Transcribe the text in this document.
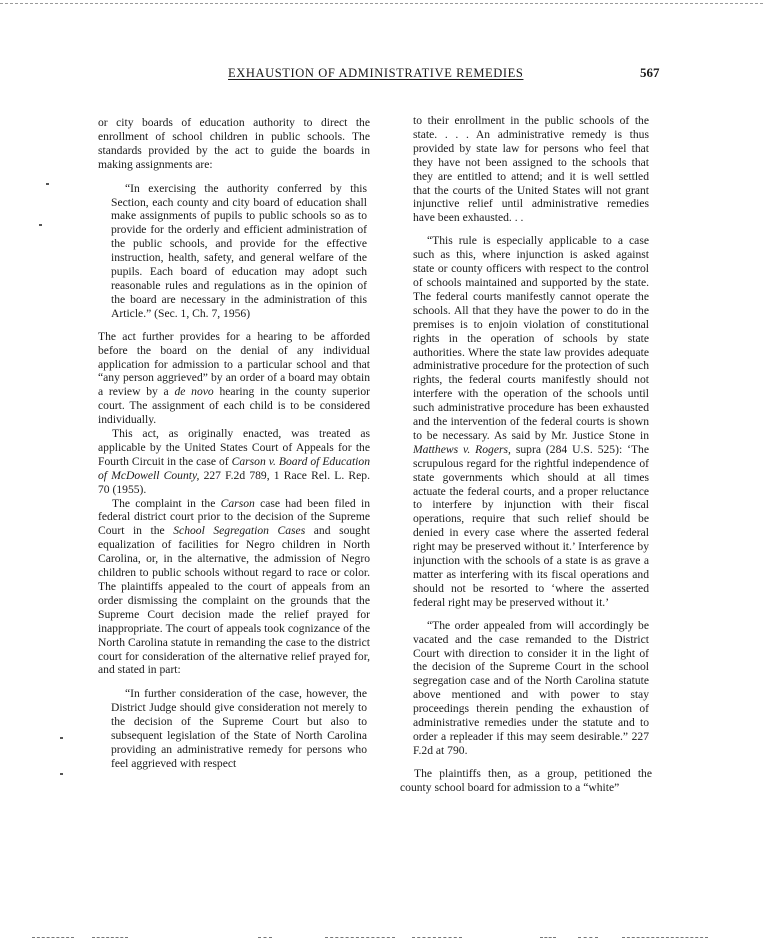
EXHAUSTION OF ADMINISTRATIVE REMEDIES	567

or city boards of education authority to direct the enrollment of school children in public schools. The standards provided by the act to guide the boards in making assignments are:

“In exercising the authority conferred by this Section, each county and city board of education shall make assignments of pupils to public schools so as to provide for the orderly and efficient administration of the public schools, and provide for the effective instruction, health, safety, and general welfare of the pupils. Each board of education may adopt such reasonable rules and regulations as in the opinion of the board are necessary in the administration of this Article.” (Sec. 1, Ch. 7, 1956)

The act further provides for a hearing to be afforded before the board on the denial of any individual application for admission to a particular school and that “any person aggrieved” by an order of a board may obtain a review by a de novo hearing in the county superior court. The assignment of each child is to be considered individually.

This act, as originally enacted, was treated as applicable by the United States Court of Appeals for the Fourth Circuit in the case of Carson v. Board of Education of McDowell County, 227 F.2d 789, 1 Race Rel. L. Rep. 70 (1955).

The complaint in the Carson case had been filed in federal district court prior to the decision of the Supreme Court in the School Segregation Cases and sought equalization of facilities for Negro children in North Carolina, or, in the alternative, the admission of Negro children to public schools without regard to race or color. The plaintiffs appealed to the court of appeals from an order dismissing the complaint on the grounds that the Supreme Court decision made the relief prayed for inappropriate. The court of appeals took cognizance of the North Carolina statute in remanding the case to the district court for consideration of the alternative relief prayed for, and stated in part:

“In further consideration of the case, however, the District Judge should give consideration not merely to the decision of the Supreme Court but also to subsequent legislation of the State of North Carolina providing an administrative remedy for persons who feel aggrieved with respect

to their enrollment in the public schools of the state. . . . An administrative remedy is thus provided by state law for persons who feel that they have not been assigned to the schools that they are entitled to attend; and it is well settled that the courts of the United States will not grant injunctive relief until administrative remedies have been exhausted. . .

“This rule is especially applicable to a case such as this, where injunction is asked against state or county officers with respect to the control of schools maintained and supported by the state. The federal courts manifestly cannot operate the schools. All that they have the power to do in the premises is to enjoin violation of constitutional rights in the operation of schools by state authorities. Where the state law provides adequate administrative procedure for the protection of such rights, the federal courts manifestly should not interfere with the operation of the schools until such administrative procedure has been exhausted and the intervention of the federal courts is shown to be necessary. As said by Mr. Justice Stone in Matthews v. Rogers, supra (284 U.S. 525): ‘The scrupulous regard for the rightful independence of state governments which should at all times actuate the federal courts, and a proper reluctance to interfere by injunction with their fiscal operations, require that such relief should be denied in every case where the asserted federal right may be preserved without it.’ Interference by injunction with the schools of a state is as grave a matter as interfering with its fiscal operations and should not be resorted to ‘where the asserted federal right may be preserved without it.’

“The order appealed from will accordingly be vacated and the case remanded to the District Court with direction to consider it in the light of the decision of the Supreme Court in the school segregation case and of the North Carolina statute above mentioned and with power to stay proceedings therein pending the exhaustion of administrative remedies under the statute and to order a repleader if this may seem desirable.” 227 F.2d at 790.

The plaintiffs then, as a group, petitioned the county school board for admission to a “white”
